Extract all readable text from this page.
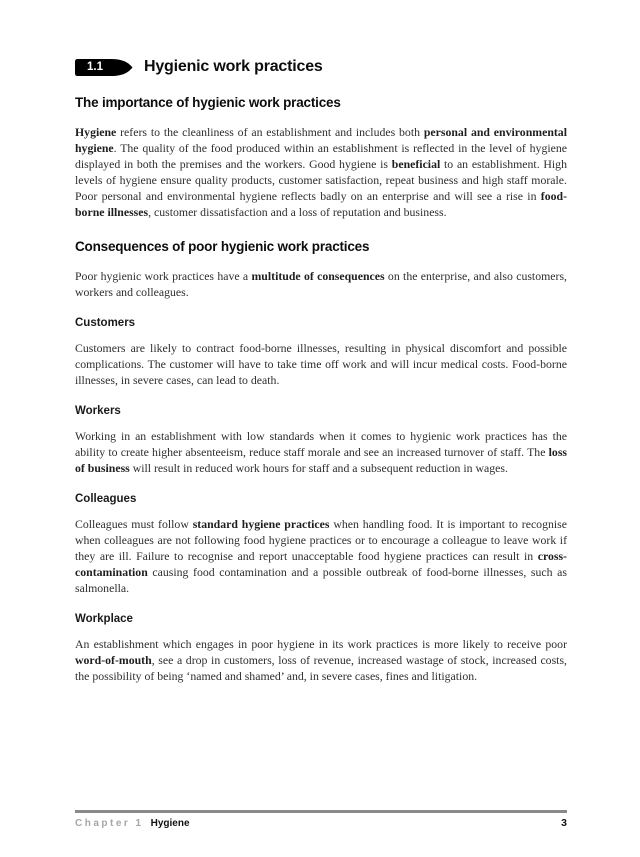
1.1	Hygienic work practices
The importance of hygienic work practices

Hygiene refers to the cleanliness of an establishment and includes both personal and environmental hygiene. The quality of the food produced within an establishment is reflected in the level of hygiene displayed in both the premises and the workers. Good hygiene is beneficial to an establishment. High levels of hygiene ensure quality products, customer satisfaction, repeat business and high staff morale. Poor personal and environmental hygiene reflects badly on an enterprise and will see a rise in food-borne illnesses, customer dissatisfaction and a loss of reputation and business.

Consequences of poor hygienic work practices

Poor hygienic work practices have a multitude of consequences on the enterprise, and also customers, workers and colleagues.

Customers

Customers are likely to contract food-borne illnesses, resulting in physical discomfort and possible complications. The customer will have to take time off work and will incur medical costs. Food-borne illnesses, in severe cases, can lead to death.

Workers

Working in an establishment with low standards when it comes to hygienic work practices has the ability to create higher absenteeism, reduce staff morale and see an increased turnover of staff. The loss of business will result in reduced work hours for staff and a subsequent reduction in wages.

Colleagues

Colleagues must follow standard hygiene practices when handling food. It is important to recognise when colleagues are not following food hygiene practices or to encourage a colleague to leave work if they are ill. Failure to recognise and report unacceptable food hygiene practices can result in cross-contamination causing food contamination and a possible outbreak of food-borne illnesses, such as salmonella.

Workplace

An establishment which engages in poor hygiene in its work practices is more likely to receive poor word-of-mouth, see a drop in customers, loss of revenue, increased wastage of stock, increased costs, the possibility of being ‘named and shamed’ and, in severe cases, fines and litigation.

Chapter 1 Hygiene	3
